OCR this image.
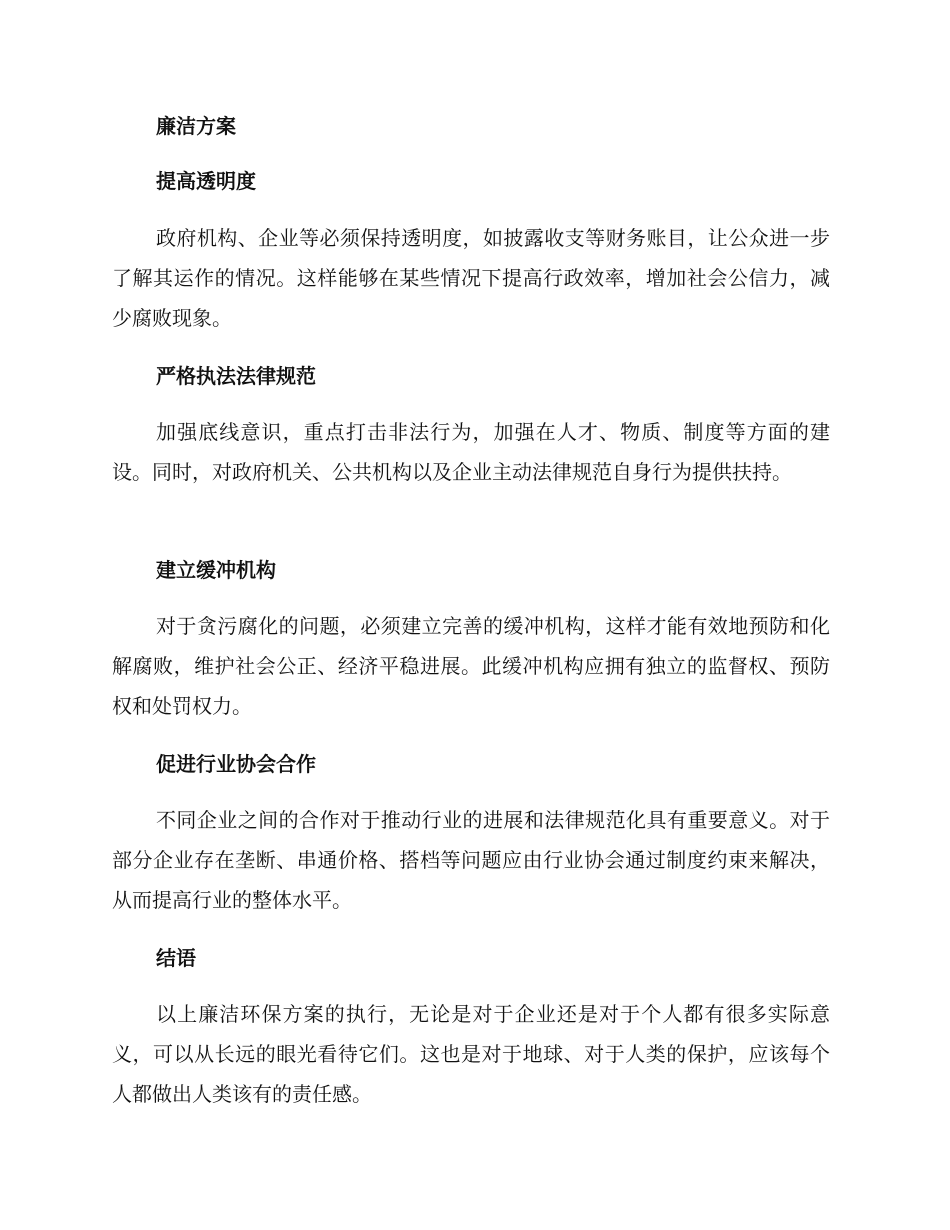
廉洁方案
提高透明度

政府机构、企业等必须保持透明度，如披露收支等财务账目，让公众进一步了解其运作的情况。这样能够在某些情况下提高行政效率，增加社会公信力，减少腐败现象。

严格执法法律规范

加强底线意识，重点打击非法行为，加强在人才、物质、制度等方面的建设。同时，对政府机关、公共机构以及企业主动法律规范自身行为提供扶持。

建立缓冲机构

对于贪污腐化的问题，必须建立完善的缓冲机构，这样才能有效地预防和化解腐败，维护社会公正、经济平稳进展。此缓冲机构应拥有独立的监督权、预防权和处罚权力。

促进行业协会合作

不同企业之间的合作对于推动行业的进展和法律规范化具有重要意义。对于部分企业存在垄断、串通价格、搭档等问题应由行业协会通过制度约束来解决，从而提高行业的整体水平。

结语

以上廉洁环保方案的执行，无论是对于企业还是对于个人都有很多实际意义，可以从长远的眼光看待它们。这也是对于地球、对于人类的保护，应该每个人都做出人类该有的责任感。
